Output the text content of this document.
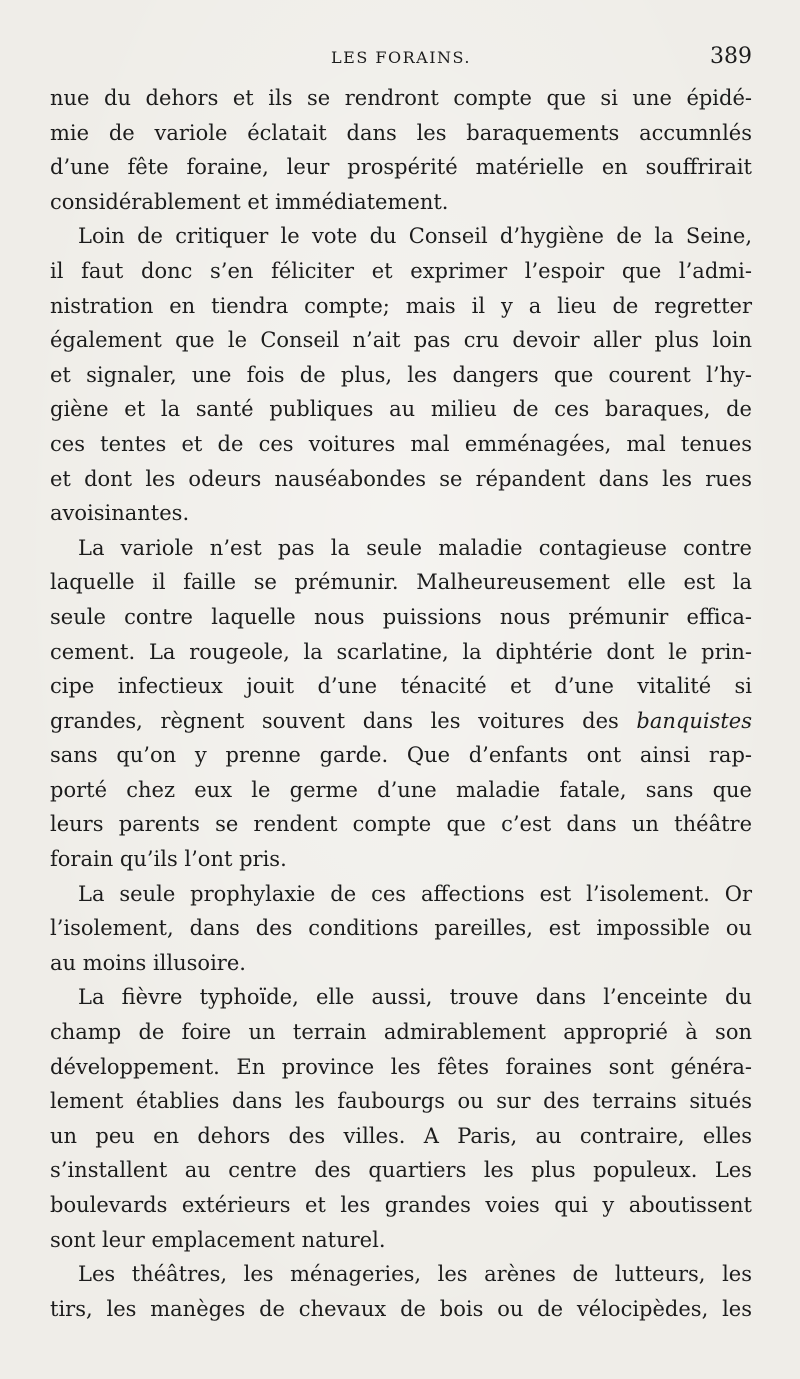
LES FORAINS.	389
nue du dehors et ils se rendront compte que si une épidé-
mie de variole éclatait dans les baraquements accumnlés
d’une fête foraine, leur prospérité matérielle en souffrirait
considérablement et immédiatement.
Loin de critiquer le vote du Conseil d’hygiène de la Seine,
il faut donc s’en féliciter et exprimer l’espoir que l’admi-
nistration en tiendra compte; mais il y a lieu de regretter
également que le Conseil n’ait pas cru devoir aller plus loin
et signaler, une fois de plus, les dangers que courent l’hy-
giène et la santé publiques au milieu de ces baraques, de
ces tentes et de ces voitures mal emménagées, mal tenues
et dont les odeurs nauséabondes se répandent dans les rues
avoisinantes.
La variole n’est pas la seule maladie contagieuse contre
laquelle il faille se prémunir. Malheureusement elle est la
seule contre laquelle nous puissions nous prémunir effica-
cement. La rougeole, la scarlatine, la diphtérie dont le prin-
cipe infectieux jouit d’une ténacité et d’une vitalité si
grandes, règnent souvent dans les voitures des banquistes
sans qu’on y prenne garde. Que d’enfants ont ainsi rap-
porté chez eux le germe d’une maladie fatale, sans que
leurs parents se rendent compte que c’est dans un théâtre
forain qu’ils l’ont pris.
La seule prophylaxie de ces affections est l’isolement. Or
l’isolement, dans des conditions pareilles, est impossible ou
au moins illusoire.
La fièvre typhoïde, elle aussi, trouve dans l’enceinte du
champ de foire un terrain admirablement approprié à son
développement. En province les fêtes foraines sont généra-
lement établies dans les faubourgs ou sur des terrains situés
un peu en dehors des villes. A Paris, au contraire, elles
s’installent au centre des quartiers les plus populeux. Les
boulevards extérieurs et les grandes voies qui y aboutissent
sont leur emplacement naturel.
Les théâtres, les ménageries, les arènes de lutteurs, les
tirs, les manèges de chevaux de bois ou de vélocipèdes, les
